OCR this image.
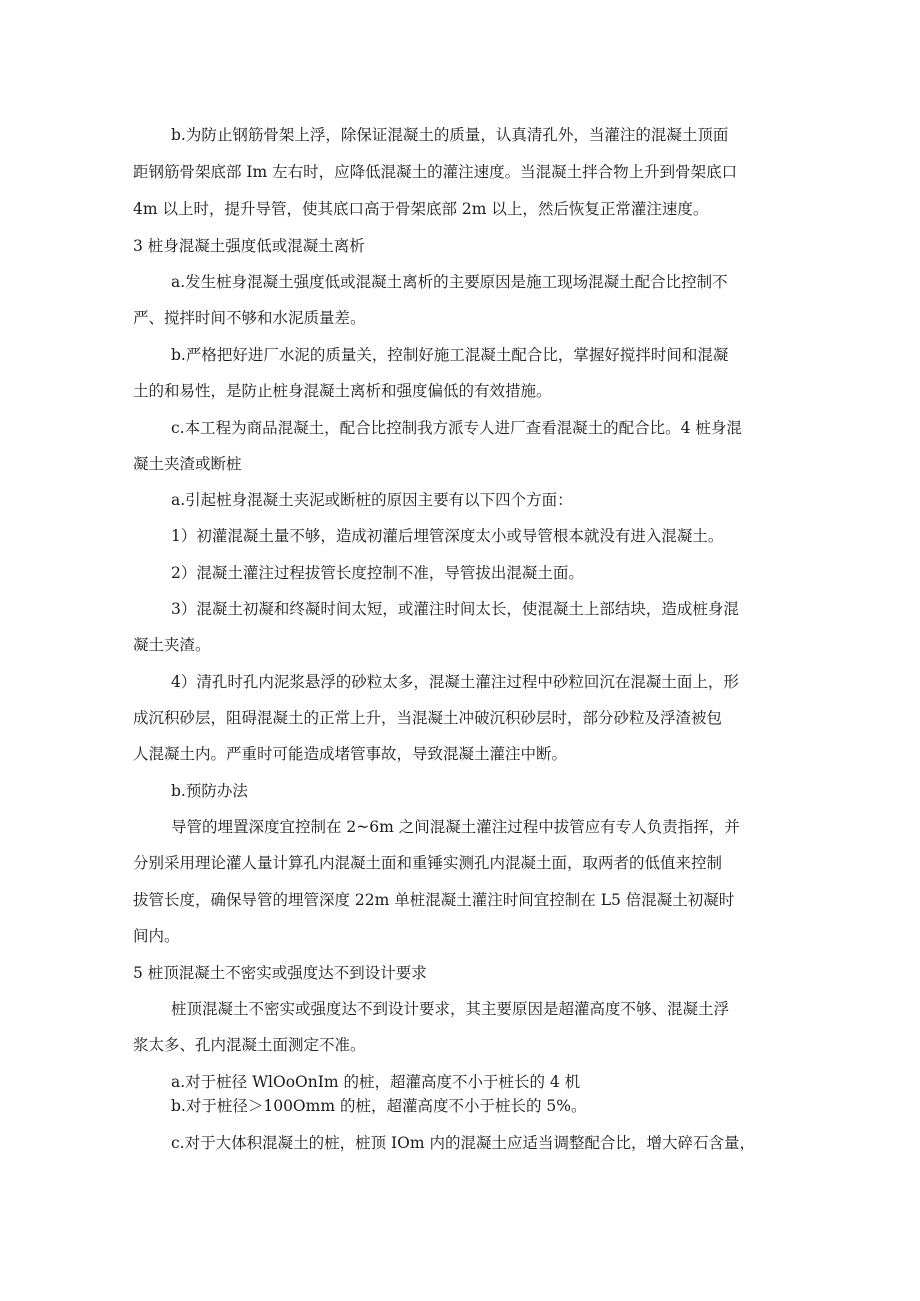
b.为防止钢筋骨架上浮，除保证混凝土的质量，认真清孔外，当灌注的混凝土顶面

距钢筋骨架底部 Im 左右时，应降低混凝土的灌注速度。当混凝土拌合物上升到骨架底口

4m 以上时，提升导管，使其底口高于骨架底部 2m 以上，然后恢复正常灌注速度。

3 桩身混凝土强度低或混凝土离析

a.发生桩身混凝土强度低或混凝土离析的主要原因是施工现场混凝土配合比控制不

严、搅拌时间不够和水泥质量差。

b.严格把好进厂水泥的质量关，控制好施工混凝土配合比，掌握好搅拌时间和混凝

土的和易性，是防止桩身混凝土离析和强度偏低的有效措施。

c.本工程为商品混凝土，配合比控制我方派专人进厂查看混凝土的配合比。4 桩身混

凝土夹渣或断桩

a.引起桩身混凝土夹泥或断桩的原因主要有以下四个方面：

1）初灌混凝土量不够，造成初灌后埋管深度太小或导管根本就没有进入混凝土。

2）混凝土灌注过程拔管长度控制不准，导管拔出混凝土面。

3）混凝土初凝和终凝时间太短，或灌注时间太长，使混凝土上部结块，造成桩身混

凝土夹渣。

4）清孔时孔内泥浆悬浮的砂粒太多，混凝土灌注过程中砂粒回沉在混凝土面上，形

成沉积砂层，阻碍混凝土的正常上升，当混凝土冲破沉积砂层时，部分砂粒及浮渣被包

人混凝土内。严重时可能造成堵管事故，导致混凝土灌注中断。

b.预防办法

导管的埋置深度宜控制在 2~6m 之间混凝土灌注过程中拔管应有专人负责指挥，并

分别采用理论灌人量计算孔内混凝土面和重锤实测孔内混凝土面，取两者的低值来控制

拔管长度，确保导管的埋管深度 22m 单桩混凝土灌注时间宜控制在 L5 倍混凝土初凝时

间内。

5 桩顶混凝土不密实或强度达不到设计要求

桩顶混凝土不密实或强度达不到设计要求，其主要原因是超灌高度不够、混凝土浮

浆太多、孔内混凝土面测定不准。

a.对于桩径 WlOoOnIm 的桩，超灌高度不小于桩长的 4 机

b.对于桩径＞100Omm 的桩，超灌高度不小于桩长的 5%。

c.对于大体积混凝土的桩，桩顶 IOm 内的混凝土应适当调整配合比，增大碎石含量，
